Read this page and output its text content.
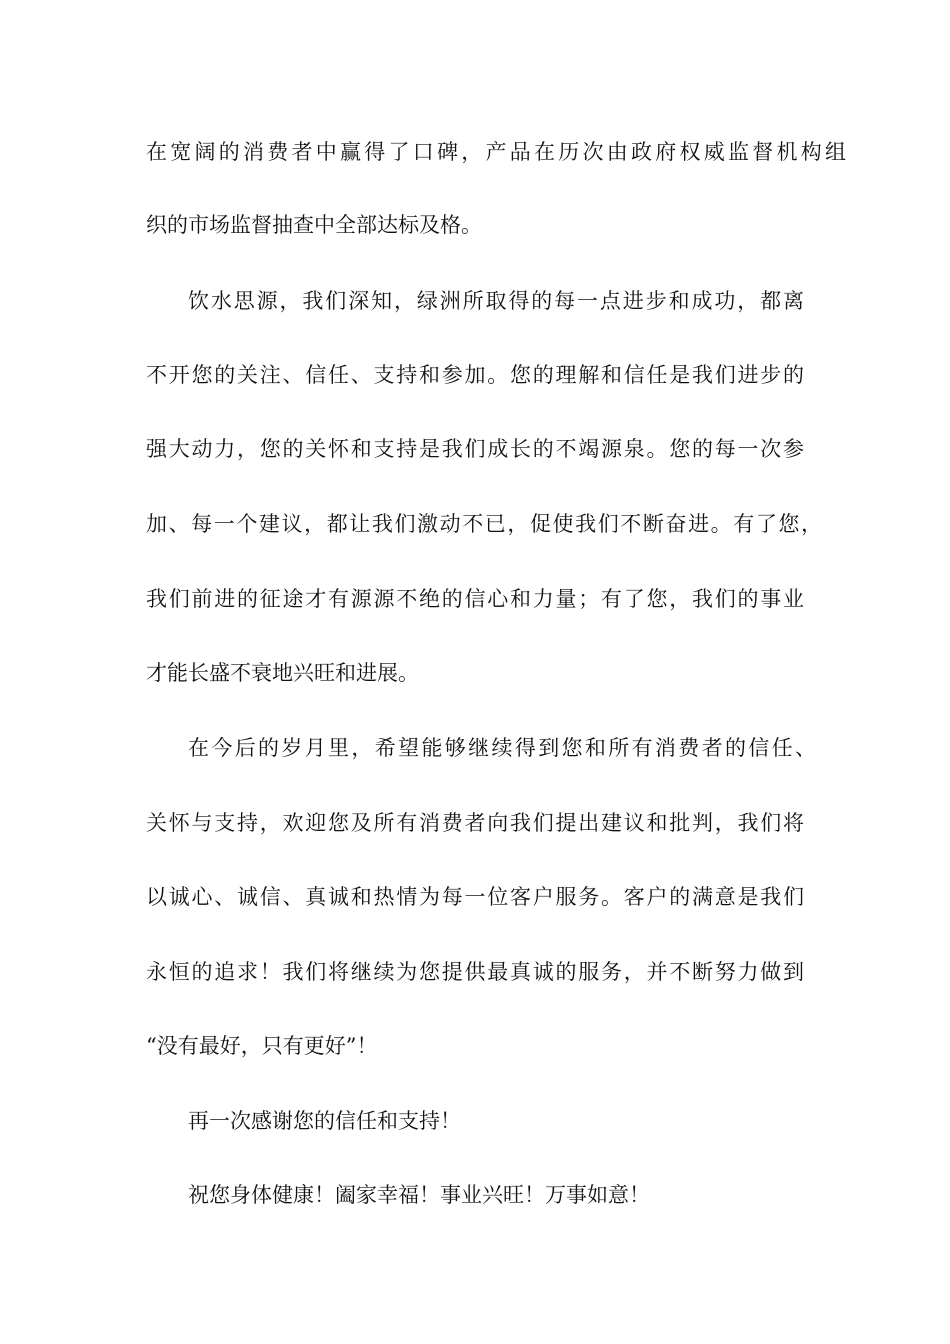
在宽阔的消费者中赢得了口碑，产品在历次由政府权威监督机构组
织的市场监督抽查中全部达标及格。
饮水思源，我们深知，绿洲所取得的每一点进步和成功，都离
不开您的关注、信任、支持和参加。您的理解和信任是我们进步的
强大动力，您的关怀和支持是我们成长的不竭源泉。您的每一次参
加、每一个建议，都让我们激动不已，促使我们不断奋进。有了您，
我们前进的征途才有源源不绝的信心和力量；有了您，我们的事业
才能长盛不衰地兴旺和进展。
在今后的岁月里，希望能够继续得到您和所有消费者的信任、
关怀与支持，欢迎您及所有消费者向我们提出建议和批判，我们将
以诚心、诚信、真诚和热情为每一位客户服务。客户的满意是我们
永恒的追求！我们将继续为您提供最真诚的服务，并不断努力做到
“没有最好，只有更好”！
再一次感谢您的信任和支持！
祝您身体健康！阖家幸福！事业兴旺！万事如意！
